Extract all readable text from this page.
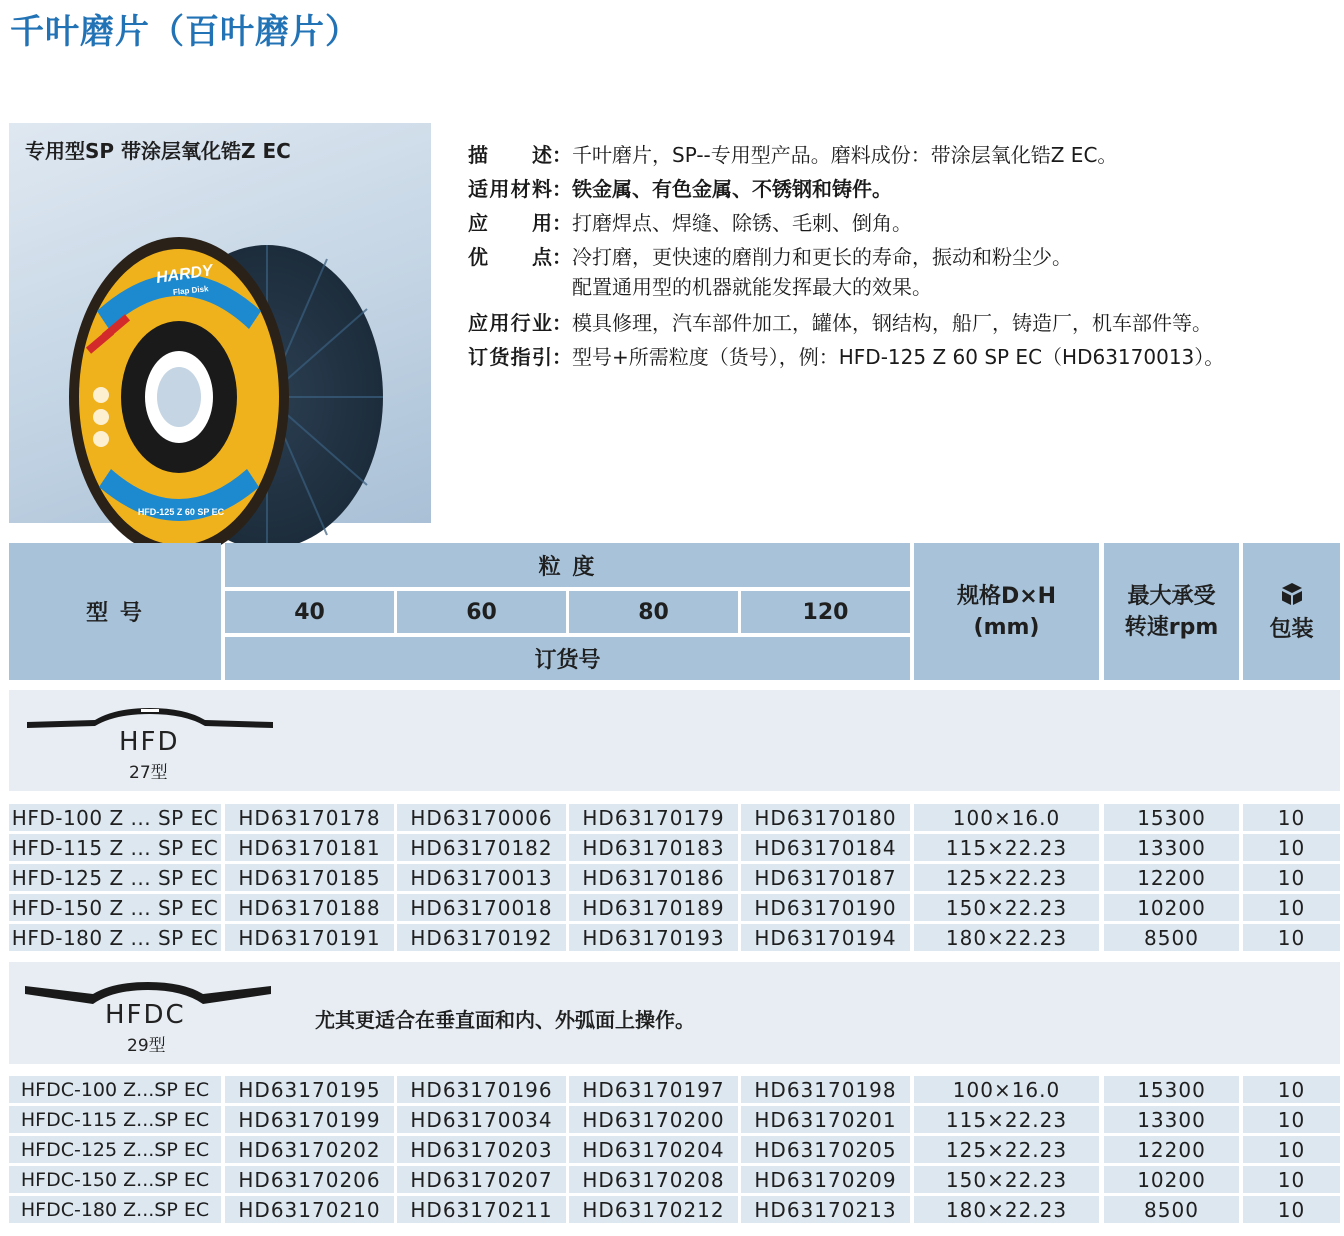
千叶磨片（百叶磨片）
专用型SP 带涂层氧化锆Z EC
HARDY
Flap Disk
HFD-125 Z 60 SP EC
描　　述 ： 千叶磨片，SP--专用型产品。磨料成份：带涂层氧化锆Z EC。
适用材料 ： 铁金属、有色金属、不锈钢和铸件。
应　　用 ： 打磨焊点、焊缝、除锈、毛刺、倒角。
优　　点 ： 冷打磨，更快速的磨削力和更长的寿命，振动和粉尘少。
配置通用型的机器就能发挥最大的效果。
应用行业 ： 模具修理，汽车部件加工，罐体，钢结构，船厂，铸造厂，机车部件等。
订货指引 ： 型号+所需粒度（货号），例：HFD-125 Z 60 SP EC（HD63170013）。
型 号
粒 度
40	60	80	120
订货号
规格D×H
(mm)
最大承受
转速rpm 包装
HFD
27型
HFD-100 Z ... SP EC	HD63170178	HD63170006	HD63170179	HD63170180	100×16.0	15300	10
HFD-115 Z ... SP EC	HD63170181	HD63170182	HD63170183	HD63170184	115×22.23	13300	10
HFD-125 Z ... SP EC	HD63170185	HD63170013	HD63170186	HD63170187	125×22.23	12200	10
HFD-150 Z ... SP EC	HD63170188	HD63170018	HD63170189	HD63170190	150×22.23	10200	10
HFD-180 Z ... SP EC	HD63170191	HD63170192	HD63170193	HD63170194	180×22.23	8500	10
HFDC
29型
尤其更适合在垂直面和内、外弧面上操作。
HFDC-100 Z...SP EC	HD63170195	HD63170196	HD63170197	HD63170198	100×16.0	15300	10
HFDC-115 Z...SP EC	HD63170199	HD63170034	HD63170200	HD63170201	115×22.23	13300	10
HFDC-125 Z...SP EC	HD63170202	HD63170203	HD63170204	HD63170205	125×22.23	12200	10
HFDC-150 Z...SP EC	HD63170206	HD63170207	HD63170208	HD63170209	150×22.23	10200	10
HFDC-180 Z...SP EC	HD63170210	HD63170211	HD63170212	HD63170213	180×22.23	8500	10
